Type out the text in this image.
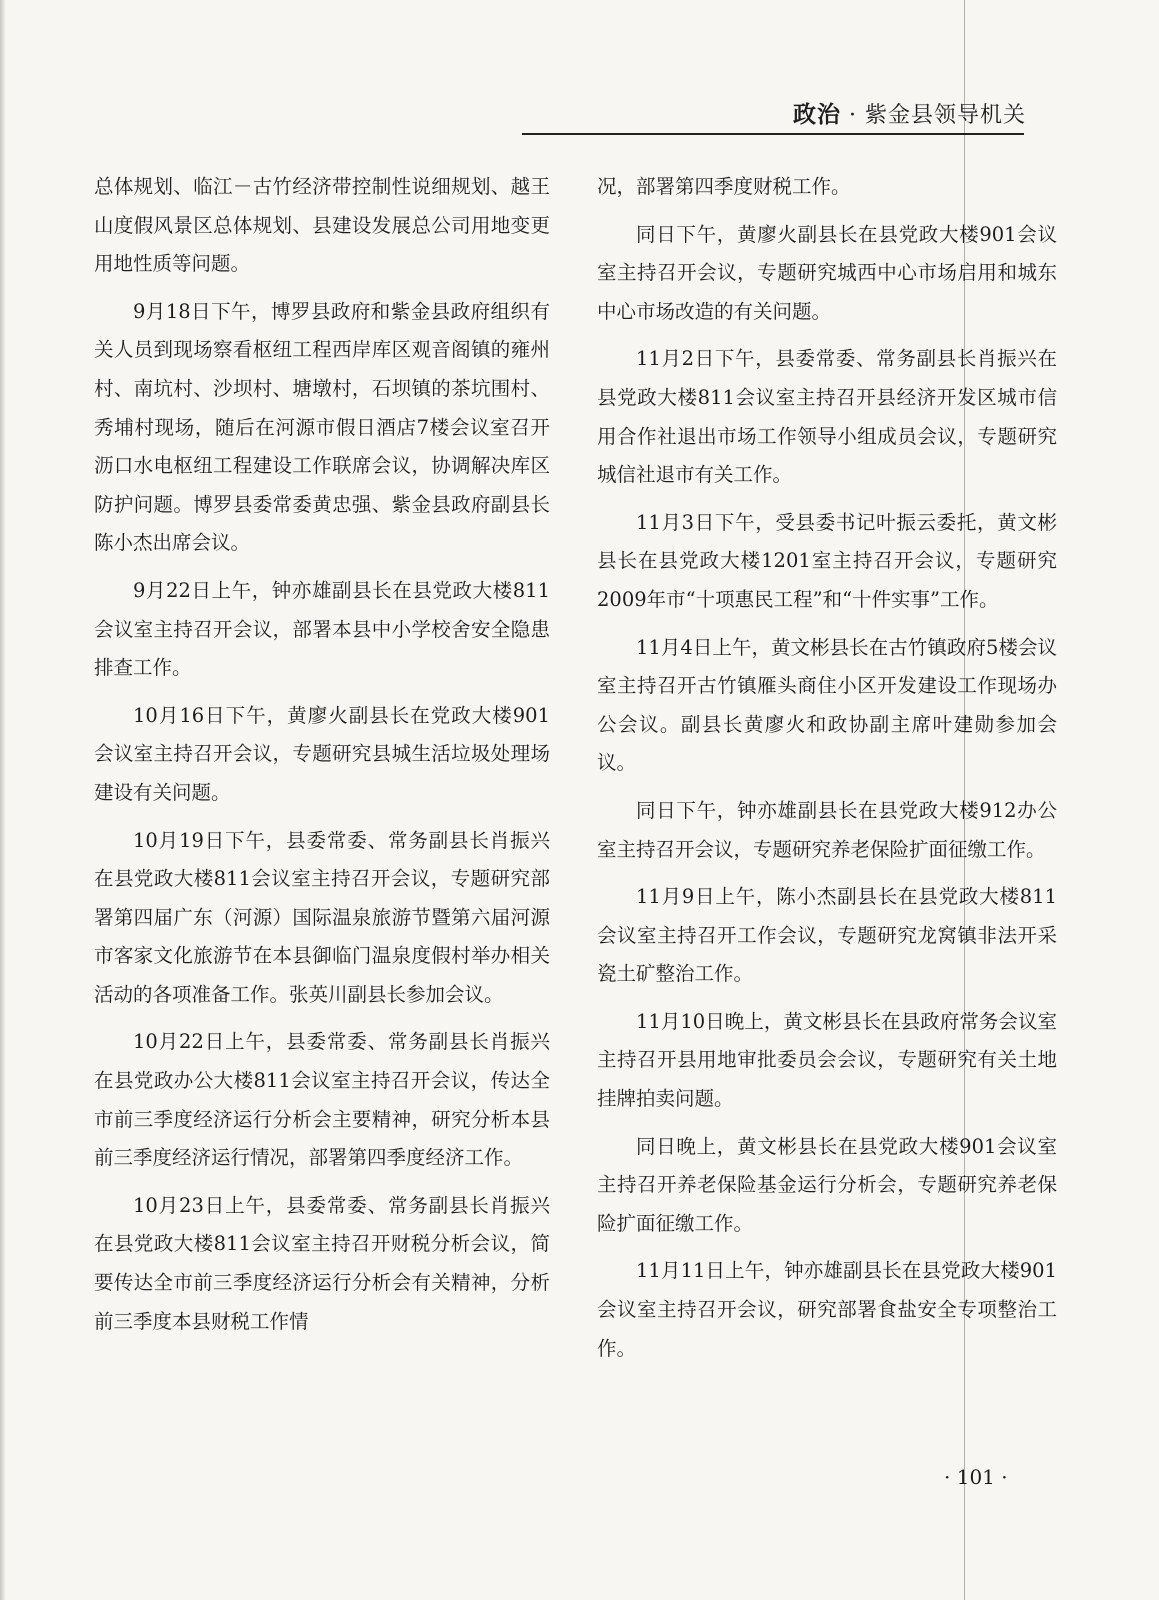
政治 · 紫金县领导机关

总体规划、临江－古竹经济带控制性说细规划、越王山度假风景区总体规划、县建设发展总公司用地变更用地性质等问题。

9月18日下午，博罗县政府和紫金县政府组织有关人员到现场察看枢纽工程西岸库区观音阁镇的雍州村、南坑村、沙坝村、塘墩村，石坝镇的茶坑围村、秀埔村现场，随后在河源市假日酒店7楼会议室召开沥口水电枢纽工程建设工作联席会议，协调解决库区防护问题。博罗县委常委黄忠强、紫金县政府副县长陈小杰出席会议。

9月22日上午，钟亦雄副县长在县党政大楼811会议室主持召开会议，部署本县中小学校舍安全隐患排查工作。

10月16日下午，黄廖火副县长在党政大楼901会议室主持召开会议，专题研究县城生活垃圾处理场建设有关问题。

10月19日下午，县委常委、常务副县长肖振兴在县党政大楼811会议室主持召开会议，专题研究部署第四届广东（河源）国际温泉旅游节暨第六届河源市客家文化旅游节在本县御临门温泉度假村举办相关活动的各项准备工作。张英川副县长参加会议。

10月22日上午，县委常委、常务副县长肖振兴在县党政办公大楼811会议室主持召开会议，传达全市前三季度经济运行分析会主要精神，研究分析本县前三季度经济运行情况，部署第四季度经济工作。

10月23日上午，县委常委、常务副县长肖振兴在县党政大楼811会议室主持召开财税分析会议，简要传达全市前三季度经济运行分析会有关精神，分析前三季度本县财税工作情

况，部署第四季度财税工作。

同日下午，黄廖火副县长在县党政大楼901会议室主持召开会议，专题研究城西中心市场启用和城东中心市场改造的有关问题。

11月2日下午，县委常委、常务副县长肖振兴在县党政大楼811会议室主持召开县经济开发区城市信用合作社退出市场工作领导小组成员会议，专题研究城信社退市有关工作。

11月3日下午，受县委书记叶振云委托，黄文彬县长在县党政大楼1201室主持召开会议，专题研究2009年市“十项惠民工程”和“十件实事”工作。

11月4日上午，黄文彬县长在古竹镇政府5楼会议室主持召开古竹镇雁头商住小区开发建设工作现场办公会议。副县长黄廖火和政协副主席叶建勋参加会议。

同日下午，钟亦雄副县长在县党政大楼912办公室主持召开会议，专题研究养老保险扩面征缴工作。

11月9日上午，陈小杰副县长在县党政大楼811会议室主持召开工作会议，专题研究龙窝镇非法开采瓷土矿整治工作。

11月10日晚上，黄文彬县长在县政府常务会议室主持召开县用地审批委员会会议，专题研究有关土地挂牌拍卖问题。

同日晚上，黄文彬县长在县党政大楼901会议室主持召开养老保险基金运行分析会，专题研究养老保险扩面征缴工作。

11月11日上午，钟亦雄副县长在县党政大楼901会议室主持召开会议，研究部署食盐安全专项整治工作。

· 101 ·
